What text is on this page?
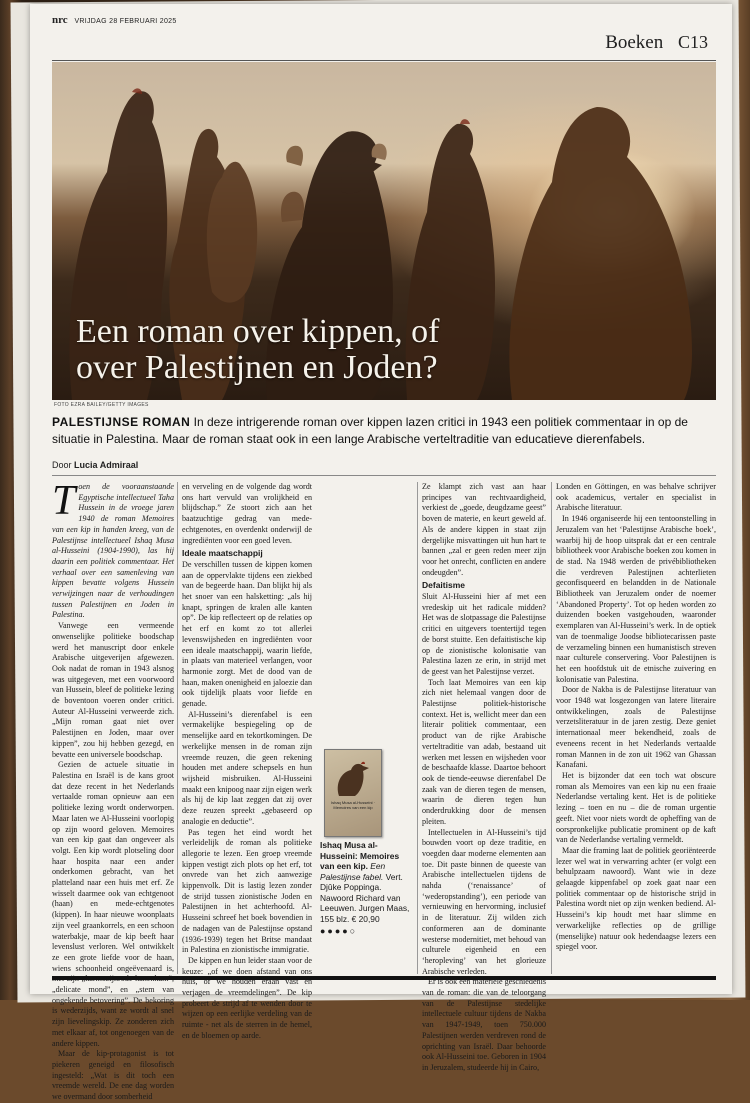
nrc VRIJDAG 28 FEBRUARI 2025
Boeken C13
Een roman over kippen, of
over Palestijnen en Joden?
FOTO EZRA BAILEY/GETTY IMAGES
PALESTIJNSE ROMAN In deze intrigerende roman over kippen lazen critici in 1943 een politiek commentaar in op de situatie in Palestina. Maar de roman staat ook in een lange Arabische verteltraditie van educatieve dierenfabels.
Door Lucia Admiraal

Toen de vooraanstaande Egyptische intellectueel Taha Hussein in de vroege jaren 1940 de roman Memoires van een kip in handen kreeg, van de Palestijnse intellectueel Ishaq Musa al-Husseini (1904-1990), las hij daarin een politiek commentaar. Het verhaal over een samenleving van kippen bevatte volgens Hussein verwijzingen naar de verhoudingen tussen Palestijnen en Joden in Palestina.

Vanwege een vermeende onwenselijke politieke boodschap werd het manuscript door enkele Arabische uitgeverijen afgewezen. Ook nadat de roman in 1943 alsnog was uitgegeven, met een voorwoord van Hussein, bleef de politieke lezing de boventoon voeren onder critici. Auteur Al-Husseini verweerde zich. „Mijn roman gaat niet over Palestijnen en Joden, maar over kippen”, zou hij hebben gezegd, en bevatte een universele boodschap.

Gezien de actuele situatie in Palestina en Israël is de kans groot dat deze recent in het Nederlands vertaalde roman opnieuw aan een politieke lezing wordt onderworpen. Maar laten we Al-Husseini voorlopig op zijn woord geloven. Memoires van een kip gaat dan ongeveer als volgt. Een kip wordt plotseling door haar hospita naar een ander onderkomen gebracht, van het platteland naar een huis met erf. Ze wisselt daarmee ook van echtgenoot (haan) en mede-echtgenotes (kippen). In haar nieuwe woonplaats zijn veel graankorrels, en een schoon waterbakje, maar de kip beeft haar levenslust verloren. Wel ontwikkelt ze een grote liefde voor de haan, wiens schoonheid ongeëvenaard is, met zijn „karmozijnrode hanenkam”, „delicate mond”, en „stem van ongekende betovering”. De bekoring is wederzijds, want ze wordt al snel zijn lievelingskip. Ze zonderen zich met elkaar af, tot ongenoegen van de andere kippen.

Maar de kip-protagonist is tot piekeren geneigd en filosofisch ingesteld: „Wat is dit toch een vreemde wereld. De ene dag worden we overmand door somberheid

en verveling en de volgende dag wordt ons hart vervuld van vrolijkheid en blijdschap.” Ze stoort zich aan het baatzuchtige gedrag van mede-echtgenotes, en overdenkt onderwijl de ingrediënten voor een goed leven.

Ideale maatschappij

De verschillen tussen de kippen komen aan de oppervlakte tijdens een ziekbed van de begeerde haan. Dan blijkt hij als het snoer van een halsketting: „als hij knapt, springen de kralen alle kanten op”. De kip reflecteert op de relaties op het erf en komt zo tot allerlei levenswijsheden en ingrediënten voor een ideale maatschappij, waarin liefde, in plaats van materieel verlangen, voor harmonie zorgt. Met de dood van de haan, maken onenigheid en jaloezie dan ook tijdelijk plaats voor liefde en genade.

Al-Husseini’s dierenfabel is een vermakelijke bespiegeling op de menselijke aard en tekortkomingen. De werkelijke mensen in de roman zijn vreemde reuzen, die geen rekening houden met andere schepsels en hun wijsheid misbruiken. Al-Husseini maakt een knipoog naar zijn eigen werk als hij de kip laat zeggen dat zij over deze reuzen spreekt „gebaseerd op analogie en deductie”.

Pas tegen het eind wordt het verleidelijk de roman als politieke allegorie te lezen. Een groep vreemde kippen vestigt zich plots op het erf, tot onvrede van het zich aanwezige kippenvolk. Dit is lastig lezen zonder de strijd tussen zionistische Joden en Palestijnen in het achterhoofd. Al-Husseini schreef het boek bovendien in de nadagen van de Palestijnse opstand (1936-1939) tegen het Britse mandaat in Palestina en zionistische immigratie.

De kippen en hun leider staan voor de keuze: „of we doen afstand van ons huis, of we houden eraan vast en verjagen de vreemdelingen”. De kip probeert de strijd af te wenden door te wijzen op een eerlijke verdeling van de ruimte - net als de sterren in de hemel, en de bloemen op aarde.

Ishaq Musa al-Husseini · Memoires van een kip
Ishaq Musa al-Husseini: Memoires van een kip. Een Palestijnse fabel. Vert. Djûke Poppinga. Nawoord Richard van Leeuwen. Jurgen Maas, 155 blz. € 20,90
●●●●○

Ze klampt zich vast aan haar principes van rechtvaardigheid, verkiest de „goede, deugdzame geest” boven de materie, en keurt geweld af. Als de andere kippen in staat zijn dergelijke misvattingen uit hun hart te bannen „zal er geen reden meer zijn voor het onrecht, conflicten en andere ondeugden”.

Defaitisme

Sluit Al-Husseini hier af met een vredeskip uit het radicale midden? Het was de slotpassage die Palestijnse critici en uitgevers toentertijd tegen de borst stuitte. Een defaitistische kip op de zionistische kolonisatie van Palestina lazen ze erin, in strijd met de geest van het Palestijnse verzet.

Toch laat Memoires van een kip zich niet helemaal vangen door de Palestijnse politiek-historische context. Het is, wellicht meer dan een literair politiek commentaar, een product van de rijke Arabische verteltraditie van adab, bestaand uit werken met lessen en wijsheden voor de beschaafde klasse. Daartoe behoort ook de tiende-eeuwse dierenfabel De zaak van de dieren tegen de mensen, waarin de dieren tegen hun onderdrukking door de mensen pleiten.

Intellectuelen in Al-Husseini’s tijd bouwden voort op deze traditie, en voegden daar moderne elementen aan toe. Dit paste binnen de queeste van Arabische intellectuelen tijdens de nahda (‘renaissance’ of ‘wederopstanding’), een periode van vernieuwing en hervorming, inclusief in de literatuur. Zij wilden zich conformeren aan de dominante westerse modernitiet, met behoud van culturele eigenheid en een ‘heropleving’ van het glorieuze Arabische verleden.

Er is ook een materiële geschiedenis van de roman: die van de teloorgang van de Palestijnse stedelijke intellectuele cultuur tijdens de Nakba van 1947-1949, toen 750.000 Palestijnen werden verdreven rond de oprichting van Israël. Daar behoorde ook Al-Husseini toe. Geboren in 1904 in Jeruzalem, studeerde hij in Cairo,

Londen en Göttingen, en was behalve schrijver ook academicus, vertaler en specialist in Arabische literatuur.

In 1946 organiseerde hij een tentoonstelling in Jeruzalem van het ‘Palestijnse Arabische boek’, waarbij hij de hoop uitsprak dat er een centrale bibliotheek voor Arabische boeken zou komen in de stad. Na 1948 werden de privébibliotheken die verdreven Palestijnen achterlieten geconfisqueerd en belandden in de Nationale Bibliotheek van Jeruzalem onder de noemer ‘Abandoned Property’. Tot op heden worden zo duizenden boeken vastgehouden, waaronder exemplaren van Al-Husseini’s werk. In de optiek van de toenmalige Joodse bibliotecarissen paste de verzameling binnen een humanistisch streven naar culturele conservering. Voor Palestijnen is het een hoofdstuk uit de etnische zuivering en kolonisatie van Palestina.

Door de Nakba is de Palestijnse literatuur van voor 1948 wat losgezongen van latere literaire ontwikkelingen, zoals de Palestijnse verzetsliteratuur in de jaren zestig. Deze geniet internationaal meer bekendheid, zoals de eveneens recent in het Nederlands vertaalde roman Mannen in de zon uit 1962 van Ghassan Kanafani.

Het is bijzonder dat een toch wat obscure roman als Memoires van een kip nu een fraaie Nederlandse vertaling kent. Het is de politieke lezing – toen en nu – die de roman urgentie geeft. Niet voor niets wordt de opheffing van de oorspronkelijke publicatie prominent op de kaft van de Nederlandse vertaling vermeldt.

Maar die framing laat de politiek georiënteerde lezer wel wat in verwarring achter (er volgt een behulpzaam nawoord). Want wie in deze gelaagde kippenfabel op zoek gaat naar een politiek commentaar op de historische strijd in Palestina wordt niet op zijn wenken bediend. Al-Husseini’s kip houdt met haar slimme en verwarkelijke reflecties op de grillige (menselijke) natuur ook hedendaagse lezers een spiegel voor.
